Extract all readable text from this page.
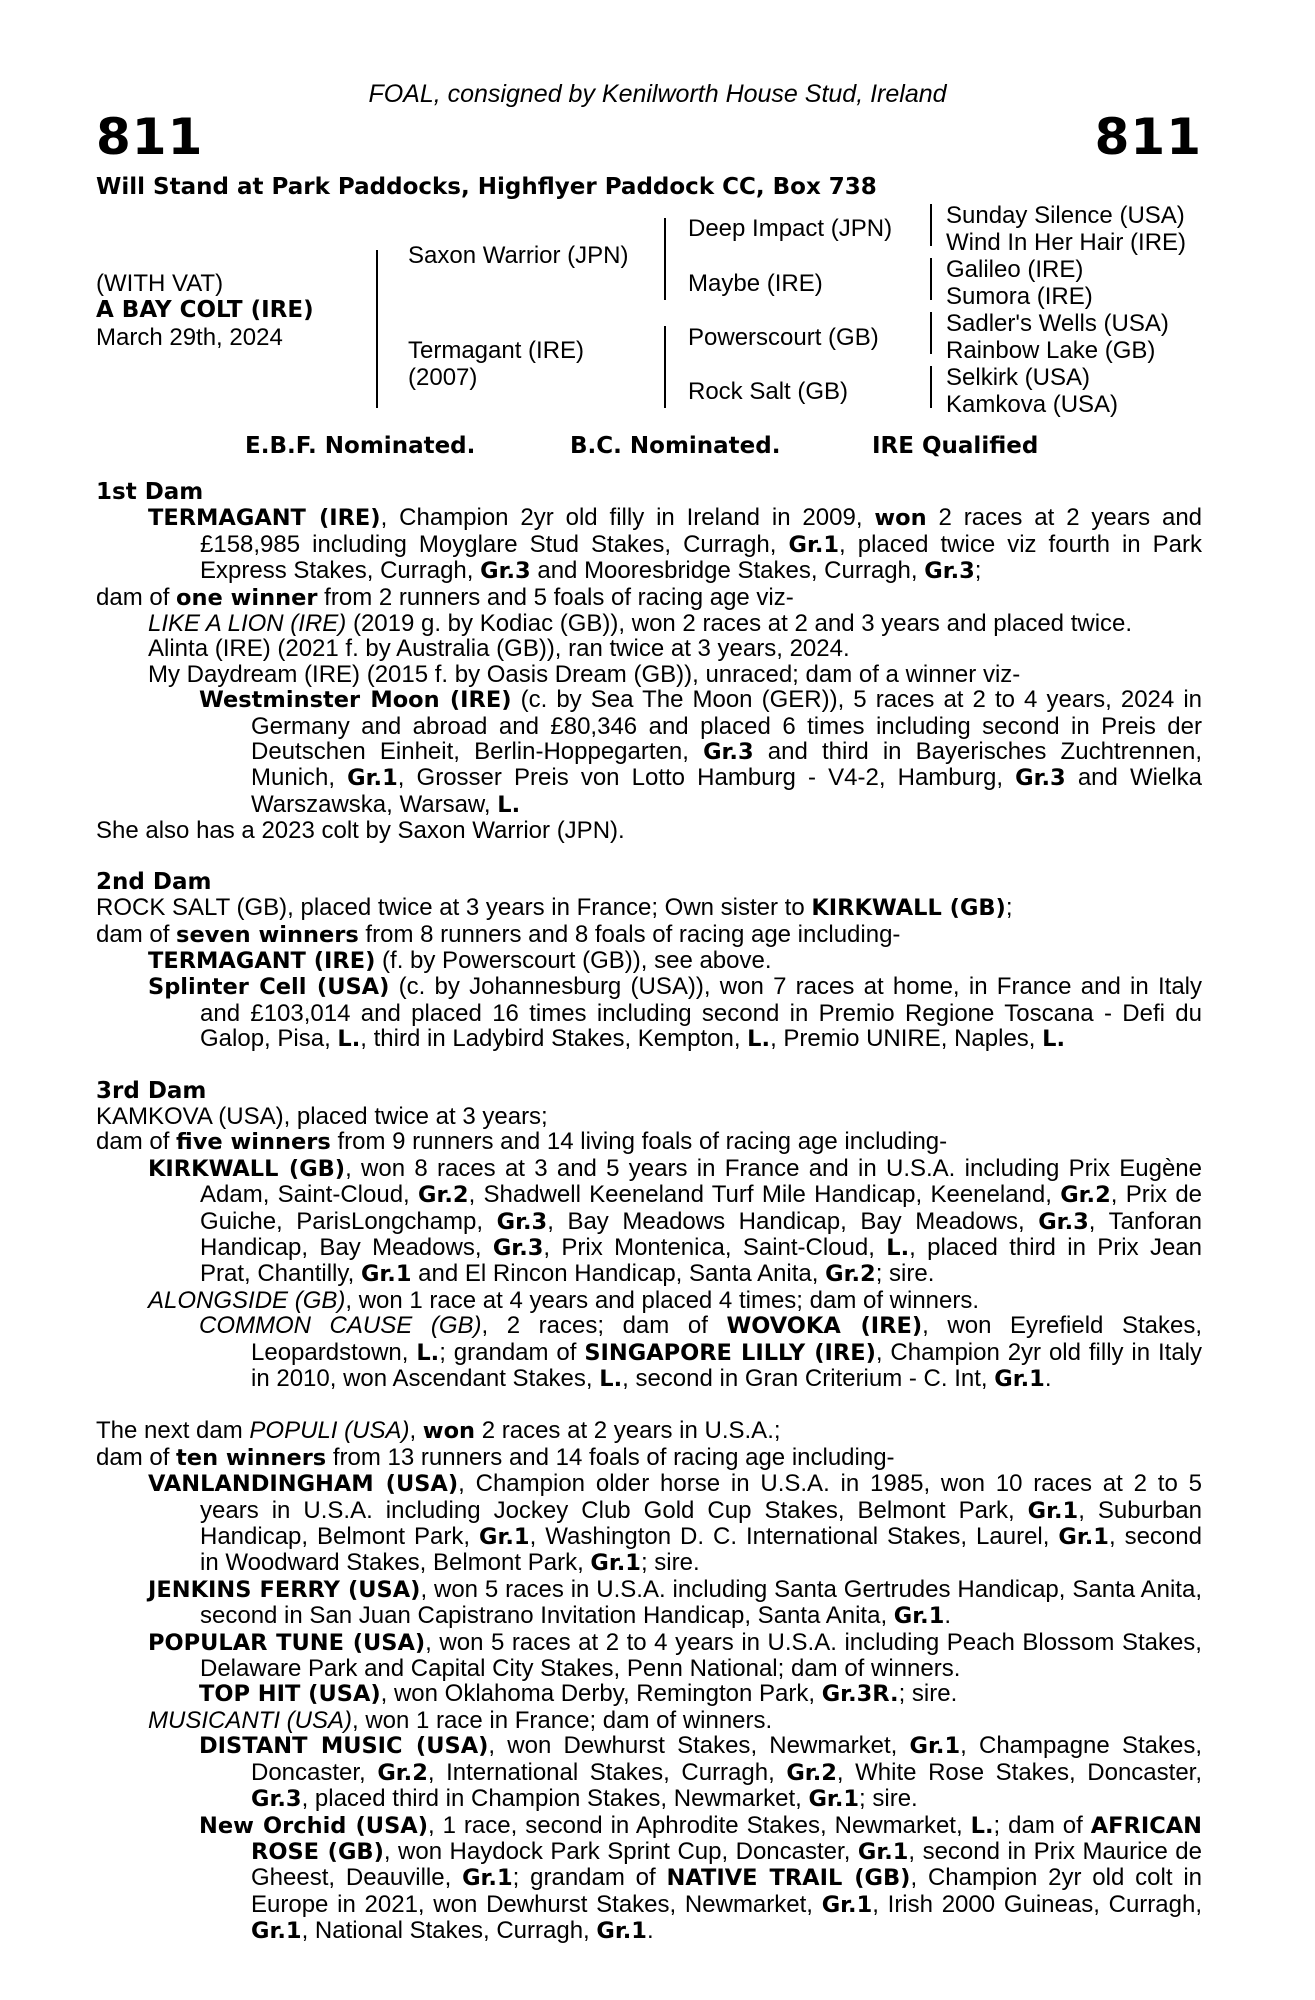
FOAL, consigned by Kenilworth House Stud, Ireland
811	811
Will Stand at Park Paddocks, Highflyer Paddock CC, Box 738
(WITH VAT)
A BAY COLT (IRE)
March 29th, 2024
Saxon Warrior (JPN)
Termagant (IRE)
(2007)
Deep Impact (JPN)
Maybe (IRE)
Powerscourt (GB)
Rock Salt (GB)
Sunday Silence (USA)
Wind In Her Hair (IRE)
Galileo (IRE)
Sumora (IRE)
Sadler's Wells (USA)
Rainbow Lake (GB)
Selkirk (USA)
Kamkova (USA)
E.B.F. Nominated.	B.C. Nominated.	IRE Qualified

1st Dam

TERMAGANT (IRE), Champion 2yr old filly in Ireland in 2009, won 2 races at 2 years and £158,985 including Moyglare Stud Stakes, Curragh, Gr.1, placed twice viz fourth in Park Express Stakes, Curragh, Gr.3 and Mooresbridge Stakes, Curragh, Gr.3;

dam of one winner from 2 runners and 5 foals of racing age viz-

LIKE A LION (IRE) (2019 g. by Kodiac (GB)), won 2 races at 2 and 3 years and placed twice.

Alinta (IRE) (2021 f. by Australia (GB)), ran twice at 3 years, 2024.

My Daydream (IRE) (2015 f. by Oasis Dream (GB)), unraced; dam of a winner viz-

Westminster Moon (IRE) (c. by Sea The Moon (GER)), 5 races at 2 to 4 years, 2024 in Germany and abroad and £80,346 and placed 6 times including second in Preis der Deutschen Einheit, Berlin-Hoppegarten, Gr.3 and third in Bayerisches Zuchtrennen, Munich, Gr.1, Grosser Preis von Lotto Hamburg - V4-2, Hamburg, Gr.3 and Wielka Warszawska, Warsaw, L.

She also has a 2023 colt by Saxon Warrior (JPN).

2nd Dam

ROCK SALT (GB), placed twice at 3 years in France; Own sister to KIRKWALL (GB);

dam of seven winners from 8 runners and 8 foals of racing age including-

TERMAGANT (IRE) (f. by Powerscourt (GB)), see above.

Splinter Cell (USA) (c. by Johannesburg (USA)), won 7 races at home, in France and in Italy and £103,014 and placed 16 times including second in Premio Regione Toscana - Defi du Galop, Pisa, L., third in Ladybird Stakes, Kempton, L., Premio UNIRE, Naples, L.

3rd Dam

KAMKOVA (USA), placed twice at 3 years;

dam of five winners from 9 runners and 14 living foals of racing age including-

KIRKWALL (GB), won 8 races at 3 and 5 years in France and in U.S.A. including Prix Eugène Adam, Saint-Cloud, Gr.2, Shadwell Keeneland Turf Mile Handicap, Keeneland, Gr.2, Prix de Guiche, ParisLongchamp, Gr.3, Bay Meadows Handicap, Bay Meadows, Gr.3, Tanforan Handicap, Bay Meadows, Gr.3, Prix Montenica, Saint-Cloud, L., placed third in Prix Jean Prat, Chantilly, Gr.1 and El Rincon Handicap, Santa Anita, Gr.2; sire.

ALONGSIDE (GB), won 1 race at 4 years and placed 4 times; dam of winners.

COMMON CAUSE (GB), 2 races; dam of WOVOKA (IRE), won Eyrefield Stakes, Leopardstown, L.; grandam of SINGAPORE LILLY (IRE), Champion 2yr old filly in Italy in 2010, won Ascendant Stakes, L., second in Gran Criterium - C. Int, Gr.1.

The next dam POPULI (USA), won 2 races at 2 years in U.S.A.;

dam of ten winners from 13 runners and 14 foals of racing age including-

VANLANDINGHAM (USA), Champion older horse in U.S.A. in 1985, won 10 races at 2 to 5 years in U.S.A. including Jockey Club Gold Cup Stakes, Belmont Park, Gr.1, Suburban Handicap, Belmont Park, Gr.1, Washington D. C. International Stakes, Laurel, Gr.1, second in Woodward Stakes, Belmont Park, Gr.1; sire.

JENKINS FERRY (USA), won 5 races in U.S.A. including Santa Gertrudes Handicap, Santa Anita, second in San Juan Capistrano Invitation Handicap, Santa Anita, Gr.1.

POPULAR TUNE (USA), won 5 races at 2 to 4 years in U.S.A. including Peach Blossom Stakes, Delaware Park and Capital City Stakes, Penn National; dam of winners.

TOP HIT (USA), won Oklahoma Derby, Remington Park, Gr.3R.; sire.

MUSICANTI (USA), won 1 race in France; dam of winners.

DISTANT MUSIC (USA), won Dewhurst Stakes, Newmarket, Gr.1, Champagne Stakes, Doncaster, Gr.2, International Stakes, Curragh, Gr.2, White Rose Stakes, Doncaster, Gr.3, placed third in Champion Stakes, Newmarket, Gr.1; sire.

New Orchid (USA), 1 race, second in Aphrodite Stakes, Newmarket, L.; dam of AFRICAN ROSE (GB), won Haydock Park Sprint Cup, Doncaster, Gr.1, second in Prix Maurice de Gheest, Deauville, Gr.1; grandam of NATIVE TRAIL (GB), Champion 2yr old colt in Europe in 2021, won Dewhurst Stakes, Newmarket, Gr.1, Irish 2000 Guineas, Curragh, Gr.1, National Stakes, Curragh, Gr.1.
